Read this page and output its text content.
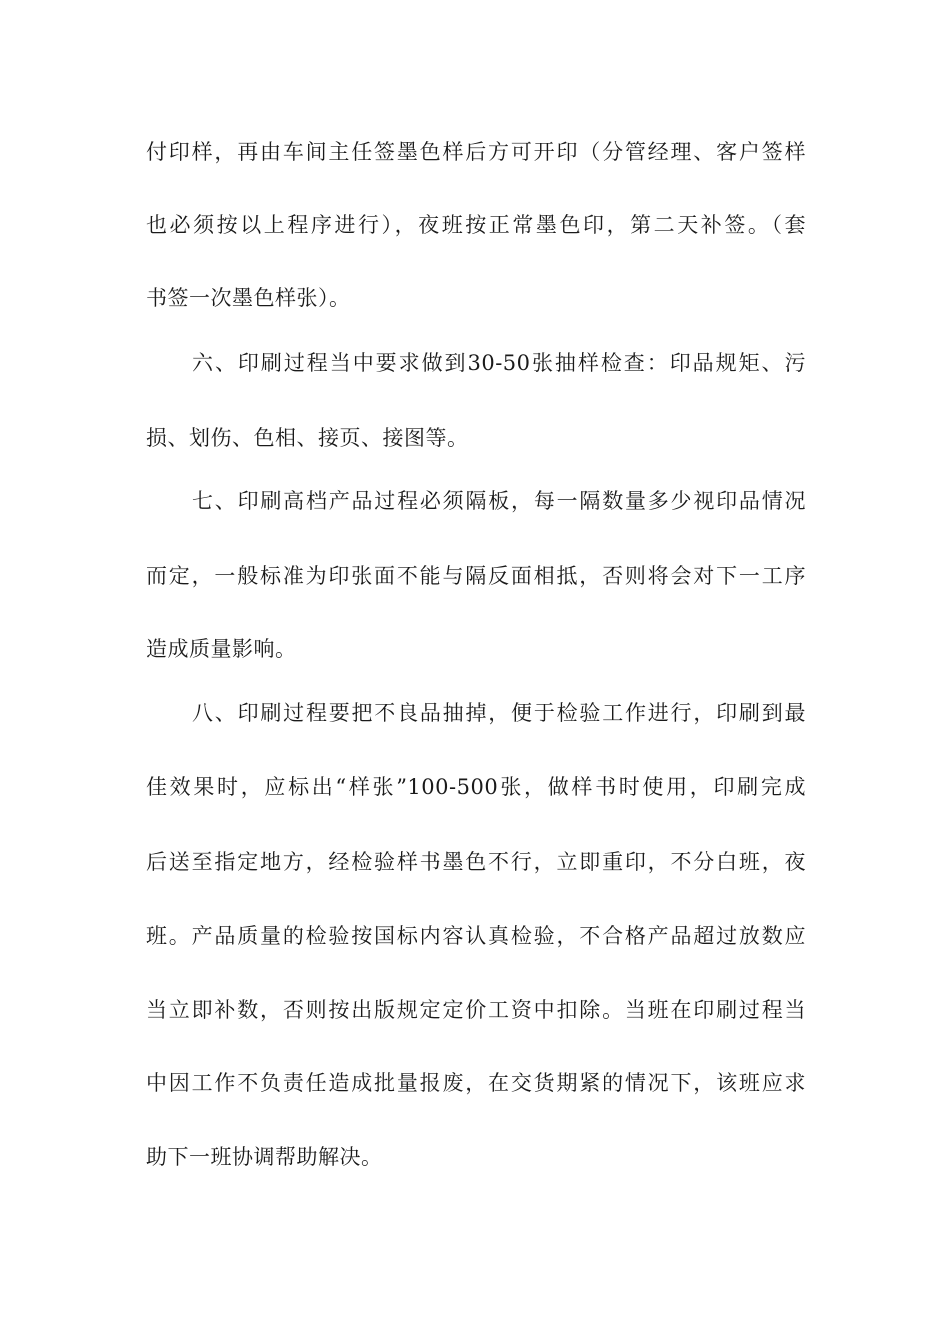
付印样，再由车间主任签墨色样后方可开印（分管经理、客户签样
也必须按以上程序进行），夜班按正常墨色印，第二天补签。（套
书签一次墨色样张）。
六、印刷过程当中要求做到30-50张抽样检查：印品规矩、污
损、划伤、色相、接页、接图等。
七、印刷高档产品过程必须隔板，每一隔数量多少视印品情况
而定，一般标准为印张面不能与隔反面相抵，否则将会对下一工序
造成质量影响。
八、印刷过程要把不良品抽掉，便于检验工作进行，印刷到最
佳效果时，应标出“样张”100-500张，做样书时使用，印刷完成
后送至指定地方，经检验样书墨色不行，立即重印，不分白班，夜
班。产品质量的检验按国标内容认真检验，不合格产品超过放数应
当立即补数，否则按出版规定定价工资中扣除。当班在印刷过程当
中因工作不负责任造成批量报废，在交货期紧的情况下，该班应求
助下一班协调帮助解决。
